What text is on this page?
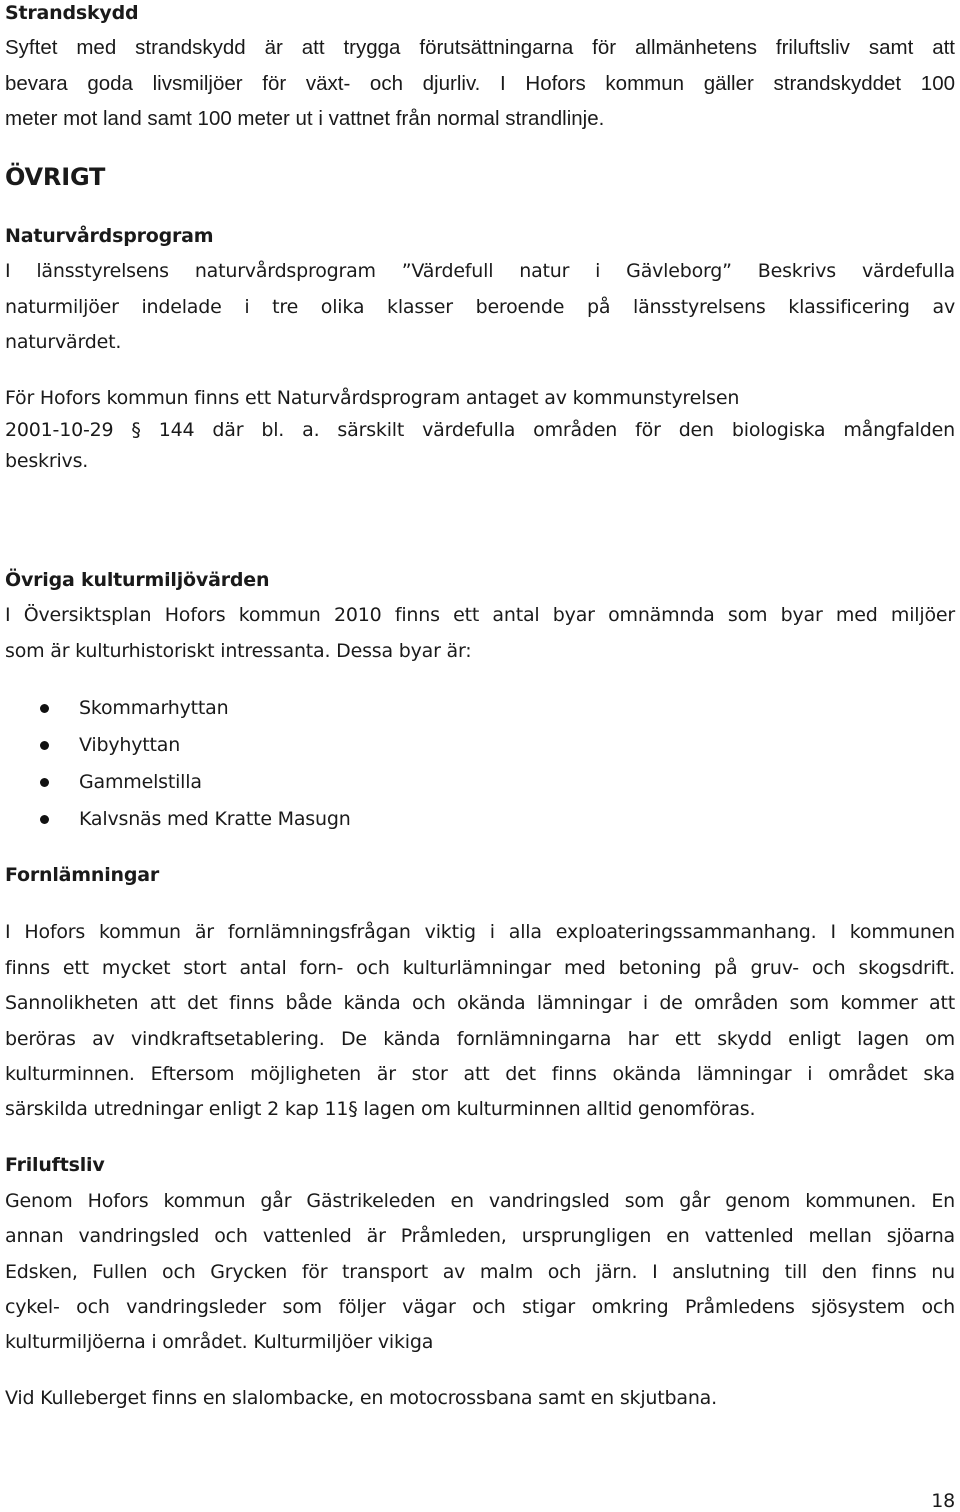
Strandskydd
Syftet med strandskydd är att trygga förutsättningarna för allmänhetens friluftsliv samt att
bevara goda livsmiljöer för växt- och djurliv. I Hofors kommun gäller strandskyddet 100
meter mot land samt 100 meter ut i vattnet från normal strandlinje.
ÖVRIGT
Naturvårdsprogram
I länsstyrelsens naturvårdsprogram ”Värdefull natur i Gävleborg” Beskrivs värdefulla
naturmiljöer indelade i tre olika klasser beroende på länsstyrelsens klassificering av
naturvärdet.
För Hofors kommun finns ett Naturvårdsprogram antaget av kommunstyrelsen
2001-10-29 § 144 där bl. a. särskilt värdefulla områden för den biologiska mångfalden
beskrivs.
Övriga kulturmiljövärden
I Översiktsplan Hofors kommun 2010 finns ett antal byar omnämnda som byar med miljöer
som är kulturhistoriskt intressanta. Dessa byar är:
Skommarhyttan
Vibyhyttan
Gammelstilla
Kalvsnäs med Kratte Masugn
Fornlämningar
I Hofors kommun är fornlämningsfrågan viktig i alla exploateringssammanhang. I kommunen
finns ett mycket stort antal forn- och kulturlämningar med betoning på gruv- och skogsdrift.
Sannolikheten att det finns både kända och okända lämningar i de områden som kommer att
beröras av vindkraftsetablering. De kända fornlämningarna har ett skydd enligt lagen om
kulturminnen. Eftersom möjligheten är stor att det finns okända lämningar i området ska
särskilda utredningar enligt 2 kap 11§ lagen om kulturminnen alltid genomföras.
Friluftsliv
Genom Hofors kommun går Gästrikeleden en vandringsled som går genom kommunen. En
annan vandringsled och vattenled är Pråmleden, ursprungligen en vattenled mellan sjöarna
Edsken, Fullen och Grycken för transport av malm och järn. I anslutning till den finns nu
cykel- och vandringsleder som följer vägar och stigar omkring Pråmledens sjösystem och
kulturmiljöerna i området. Kulturmiljöer vikiga
Vid Kulleberget finns en slalombacke, en motocrossbana samt en skjutbana.
18
